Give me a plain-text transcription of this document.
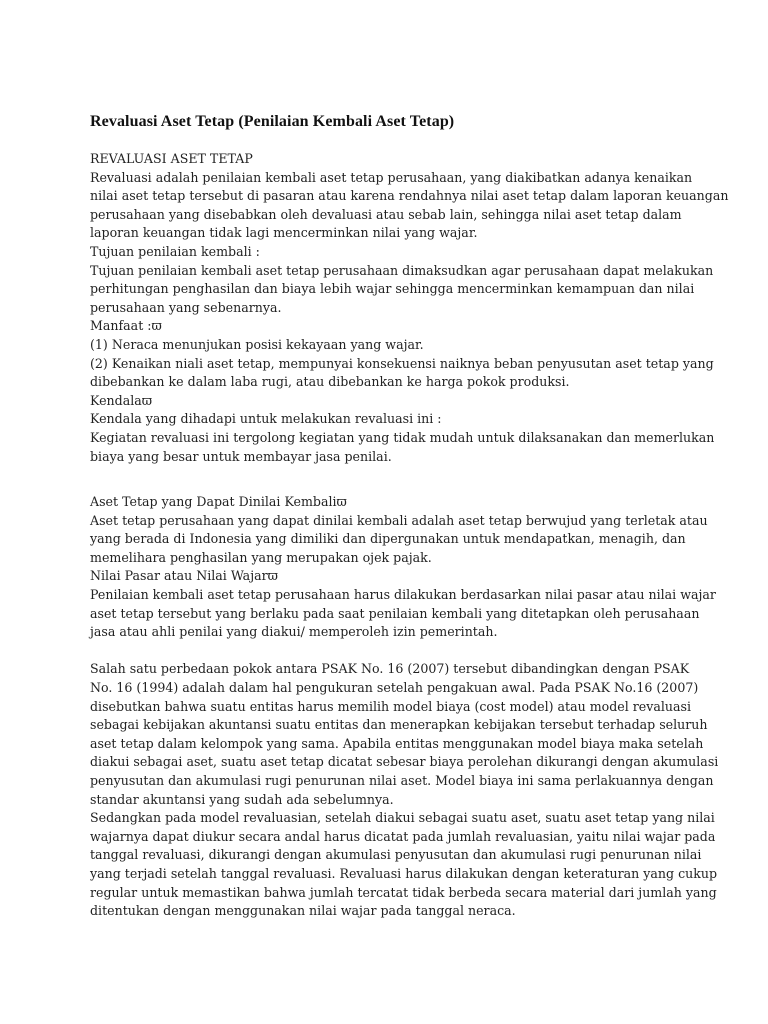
Revaluasi Aset Tetap (Penilaian Kembali Aset Tetap)
REVALUASI ASET TETAP
Revaluasi adalah penilaian kembali aset tetap perusahaan, yang diakibatkan adanya kenaikan
nilai aset tetap tersebut di pasaran atau karena rendahnya nilai aset tetap dalam laporan keuangan
perusahaan yang disebabkan oleh devaluasi atau sebab lain, sehingga nilai aset tetap dalam
laporan keuangan tidak lagi mencerminkan nilai yang wajar.
Tujuan penilaian kembali :
Tujuan penilaian kembali aset tetap perusahaan dimaksudkan agar perusahaan dapat melakukan
perhitungan penghasilan dan biaya lebih wajar sehingga mencerminkan kemampuan dan nilai
perusahaan yang sebenarnya.
Manfaat :ϖ
(1) Neraca menunjukan posisi kekayaan yang wajar.
(2) Kenaikan niali aset tetap, mempunyai konsekuensi naiknya beban penyusutan aset tetap yang
dibebankan ke dalam laba rugi, atau dibebankan ke harga pokok produksi.
Kendalaϖ
Kendala yang dihadapi untuk melakukan revaluasi ini :
Kegiatan revaluasi ini tergolong kegiatan yang tidak mudah untuk dilaksanakan dan memerlukan
biaya yang besar untuk membayar jasa penilai.
Aset Tetap yang Dapat Dinilai Kembaliϖ
Aset tetap perusahaan yang dapat dinilai kembali adalah aset tetap berwujud yang terletak atau
yang berada di Indonesia yang dimiliki dan dipergunakan untuk mendapatkan, menagih, dan
memelihara penghasilan yang merupakan ojek pajak.
Nilai Pasar atau Nilai Wajarϖ
Penilaian kembali aset tetap perusahaan harus dilakukan berdasarkan nilai pasar atau nilai wajar
aset tetap tersebut yang berlaku pada saat penilaian kembali yang ditetapkan oleh perusahaan
jasa atau ahli penilai yang diakui/ memperoleh izin pemerintah.
Salah satu perbedaan pokok antara PSAK No. 16 (2007) tersebut dibandingkan dengan PSAK
No. 16 (1994) adalah dalam hal pengukuran setelah pengakuan awal. Pada PSAK No.16 (2007)
disebutkan bahwa suatu entitas harus memilih model biaya (cost model) atau model revaluasi
sebagai kebijakan akuntansi suatu entitas dan menerapkan kebijakan tersebut terhadap seluruh
aset tetap dalam kelompok yang sama. Apabila entitas menggunakan model biaya maka setelah
diakui sebagai aset, suatu aset tetap dicatat sebesar biaya perolehan dikurangi dengan akumulasi
penyusutan dan akumulasi rugi penurunan nilai aset. Model biaya ini sama perlakuannya dengan
standar akuntansi yang sudah ada sebelumnya.
Sedangkan pada model revaluasian, setelah diakui sebagai suatu aset, suatu aset tetap yang nilai
wajarnya dapat diukur secara andal harus dicatat pada jumlah revaluasian, yaitu nilai wajar pada
tanggal revaluasi, dikurangi dengan akumulasi penyusutan dan akumulasi rugi penurunan nilai
yang terjadi setelah tanggal revaluasi. Revaluasi harus dilakukan dengan keteraturan yang cukup
regular untuk memastikan bahwa jumlah tercatat tidak berbeda secara material dari jumlah yang
ditentukan dengan menggunakan nilai wajar pada tanggal neraca.
